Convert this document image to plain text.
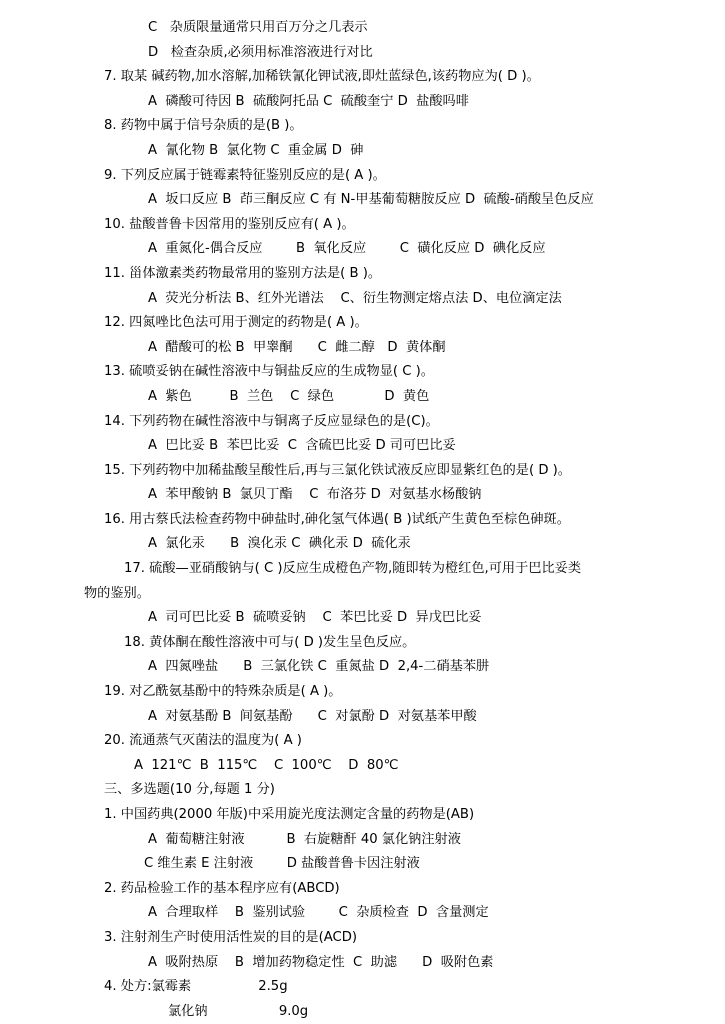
C   杂质限量通常只用百万分之几表示
D   检查杂质,必须用标准溶液进行对比
7. 取某 碱药物,加水溶解,加稀铁氰化钾试液,即灶蓝绿色,该药物应为( D )。
A  磷酸可待因 B  硫酸阿托品 C  硫酸奎宁 D  盐酸吗啡
8. 药物中属于信号杂质的是(B )。
A  氰化物 B  氯化物 C  重金属 D  砷
9. 下列反应属于链霉素特征鉴别反应的是( A )。
A  坂口反应 B  茚三酮反应 C 有 N-甲基葡萄糖胺反应 D  硫酸-硝酸呈色反应
10. 盐酸普鲁卡因常用的鉴别反应有( A )。
A  重氮化-偶合反应        B  氧化反应        C  磺化反应 D  碘化反应
11. 甾体激素类药物最常用的鉴别方法是( B )。
A  荧光分析法 B、红外光谱法    C、衍生物测定熔点法 D、电位滴定法
12. 四氮唑比色法可用于测定的药物是( A )。
A  醋酸可的松 B  甲睾酮      C  雌二醇   D  黄体酮
13. 硫喷妥钠在碱性溶液中与铜盐反应的生成物显( C )。
A  紫色         B  兰色    C  绿色            D  黄色
14. 下列药物在碱性溶液中与铜离子反应显绿色的是(C)。
A  巴比妥 B  苯巴比妥  C  含硫巴比妥 D 司可巴比妥
15. 下列药物中加稀盐酸呈酸性后,再与三氯化铁试液反应即显紫红色的是( D )。
A  苯甲酸钠 B  氯贝丁酯    C  布洛芬 D  对氨基水杨酸钠
16. 用古蔡氏法检查药物中砷盐时,砷化氢气体遇( B )试纸产生黄色至棕色砷斑。
A  氯化汞      B  溴化汞 C  碘化汞 D  硫化汞
17. 硫酸—亚硝酸钠与( C )反应生成橙色产物,随即转为橙红色,可用于巴比妥类
物的鉴别。
A  司可巴比妥 B  硫喷妥钠    C  苯巴比妥 D  异戊巴比妥
18. 黄体酮在酸性溶液中可与( D )发生呈色反应。
A  四氮唑盐      B  三氯化铁 C  重氮盐 D  2,4-二硝基苯肼
19. 对乙酰氨基酚中的特殊杂质是( A )。
A  对氨基酚 B  间氨基酚      C  对氯酚 D  对氨基苯甲酸
20. 流通蒸气灭菌法的温度为( A )
A  121℃  B  115℃    C  100℃    D  80℃
三、多选题(10 分,每题 1 分)
1. 中国药典(2000 年版)中采用旋光度法测定含量的药物是(AB)
A  葡萄糖注射液          B  右旋糖酐 40 氯化钠注射液
C 维生素 E 注射液        D 盐酸普鲁卡因注射液
2. 药品检验工作的基本程序应有(ABCD)
A  合理取样    B  鉴别试验        C  杂质检查  D  含量测定
3. 注射剂生产时使用活性炭的目的是(ACD)
A  吸附热原    B  增加药物稳定性  C  助滤      D  吸附色素
4. 处方:氯霉素                2.5g
氯化钠                 9.0g
